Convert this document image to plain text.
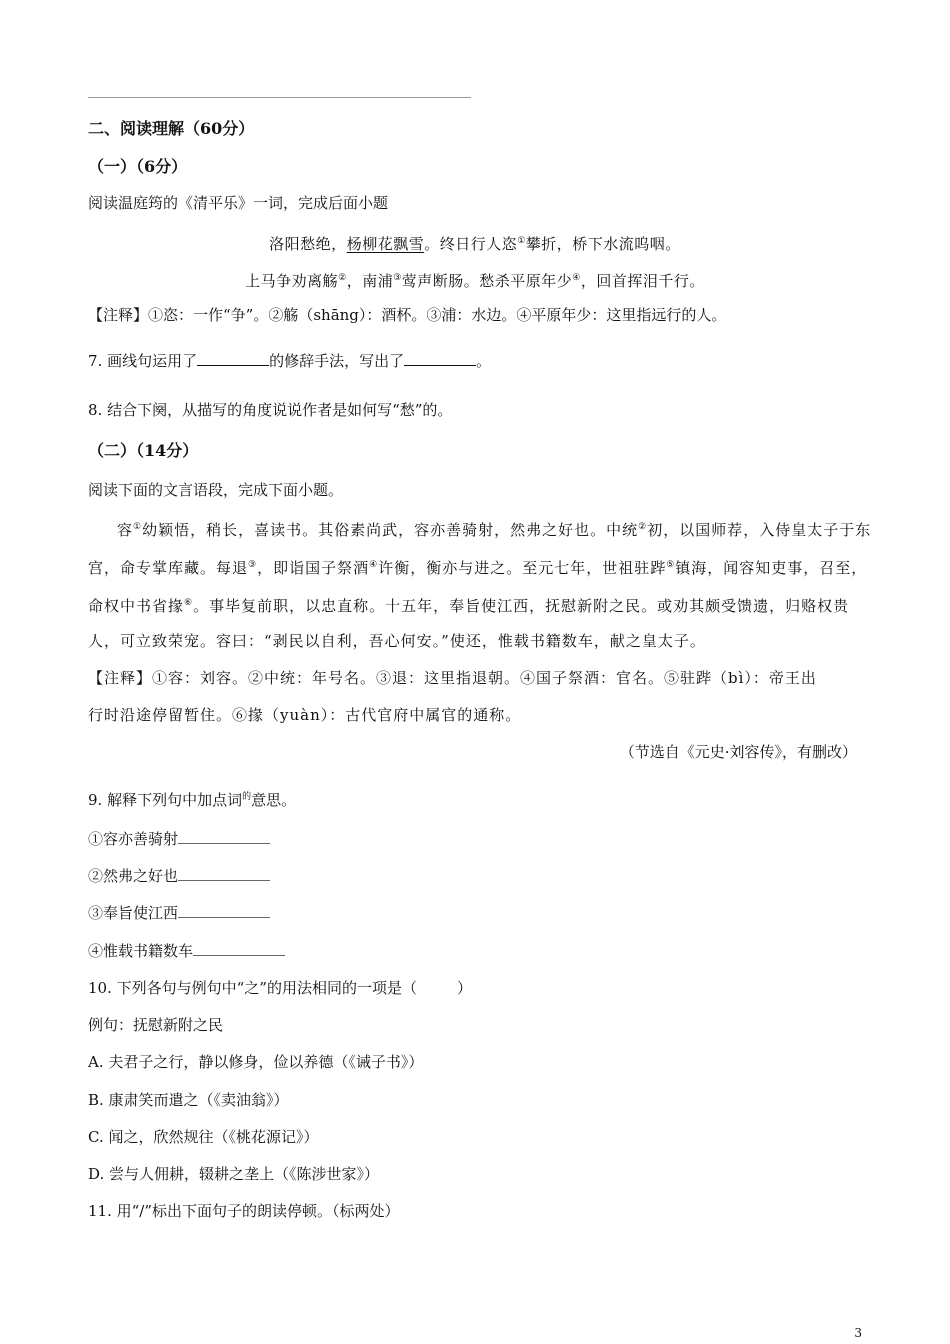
二、阅读理解（60分）
（一）（6分）
阅读温庭筠的《清平乐》一词，完成后面小题
洛阳愁绝，杨柳花飘雪。终日行人恣①攀折，桥下水流呜咽。
上马争劝离觞②，南浦③莺声断肠。愁杀平原年少④，回首挥泪千行。
【注释】①恣：一作“争”。②觞（shāng）：酒杯。③浦：水边。④平原年少：这里指远行的人。
7. 画线句运用了	的修辞手法，写出了	。
8. 结合下阕，从描写的角度说说作者是如何写“愁”的。
（二）（14分）
阅读下面的文言语段，完成下面小题。
容①幼颖悟，稍长，喜读书。其俗素尚武，容亦善骑射，然弗之好也。中统②初，以国师荐，入侍皇太子于东
宫，命专掌库藏。每退③，即诣国子祭酒④许衡，衡亦与进之。至元七年，世祖驻跸⑤镇海，闻容知吏事，召至，
命权中书省掾⑥。事毕复前职，以忠直称。十五年，奉旨使江西，抚慰新附之民。或劝其颇受馈遗，归赂权贵
人，可立致荣宠。容曰：“剥民以自利，吾心何安。”使还，惟载书籍数车，献之皇太子。
【注释】①容：刘容。②中统：年号名。③退：这里指退朝。④国子祭酒：官名。⑤驻跸（bì）：帝王出
行时沿途停留暂住。⑥掾（yuàn）：古代官府中属官的通称。
（节选自《元史·刘容传》，有删改）
9. 解释下列句中加点词$^的$意思。
①容亦善骑射
②然弗之好也
③奉旨使江西
④惟载书籍数车
10. 下列各句与例句中“之”的用法相同的一项是（	）
例句：抚慰新附之民
A. 夫君子之行，静以修身，俭以养德（《诫子书》）
B. 康肃笑而遣之（《卖油翁》）
C. 闻之，欣然规往（《桃花源记》）
D. 尝与人佣耕，辍耕之垄上（《陈涉世家》）
11. 用“/”标出下面句子的朗读停顿。（标两处）
3
